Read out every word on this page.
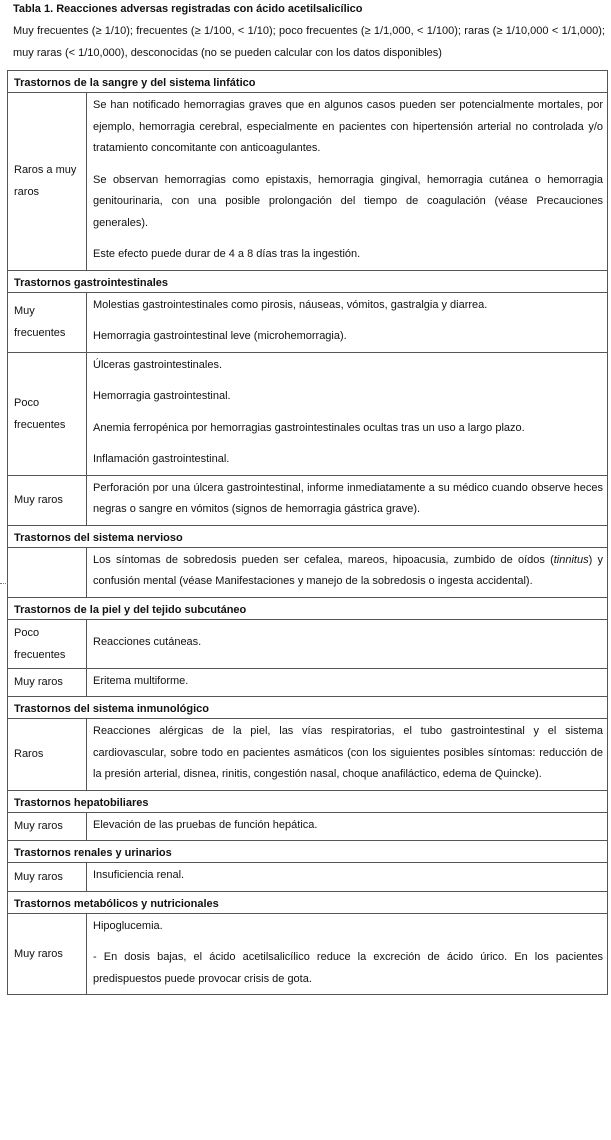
Tabla 1. Reacciones adversas registradas con ácido acetilsalicílico
Muy frecuentes (≥ 1/10); frecuentes (≥ 1/100, < 1/10); poco frecuentes (≥ 1/1,000, < 1/100); raras (≥ 1/10,000 < 1/1,000); muy raras (< 1/10,000), desconocidas (no se pueden calcular con los datos disponibles)
Trastornos de la sangre y del sistema linfático	
Raros a muy raros	Se han notificado hemorragias graves que en algunos casos pueden ser potencialmente mortales, por ejemplo, hemorragia cerebral, especialmente en pacientes con hipertensión arterial no controlada y/o tratamiento concomitante con anticoagulantes.

Se observan hemorragias como epistaxis, hemorragia gingival, hemorragia cutánea o hemorragia genitourinaria, con una posible prolongación del tiempo de coagulación (véase Precauciones generales).

Este efecto puede durar de 4 a 8 días tras la ingestión.

Trastornos gastrointestinales	
Muy frecuentes	Molestias gastrointestinales como pirosis, náuseas, vómitos, gastralgia y diarrea.

Hemorragia gastrointestinal leve (microhemorragia).

Poco frecuentes	Úlceras gastrointestinales.

Hemorragia gastrointestinal.

Anemia ferropénica por hemorragias gastrointestinales ocultas tras un uso a largo plazo.

Inflamación gastrointestinal.

Muy raros	Perforación por una úlcera gastrointestinal, informe inmediatamente a su médico cuando observe heces negras o sangre en vómitos (signos de hemorragia gástrica grave).

Trastornos del sistema nervioso	

	Los síntomas de sobredosis pueden ser cefalea, mareos, hipoacusia, zumbido de oídos (tinnitus) y confusión mental (véase Manifestaciones y manejo de la sobredosis o ingesta accidental).

Trastornos de la piel y del tejido subcutáneo	
Poco frecuentes	Reacciones cutáneas.

Muy raros	Eritema multiforme.

Trastornos del sistema inmunológico	
Raros	Reacciones alérgicas de la piel, las vías respiratorias, el tubo gastrointestinal y el sistema cardiovascular, sobre todo en pacientes asmáticos (con los siguientes posibles síntomas: reducción de la presión arterial, disnea, rinitis, congestión nasal, choque anafiláctico, edema de Quincke).

Trastornos hepatobiliares	
Muy raros	Elevación de las pruebas de función hepática.

Trastornos renales y urinarios	
Muy raros	Insuficiencia renal.

Trastornos metabólicos y nutricionales	
Muy raros	Hipoglucemia.

- En dosis bajas, el ácido acetilsalicílico reduce la excreción de ácido úrico. En los pacientes predispuestos puede provocar crisis de gota.
